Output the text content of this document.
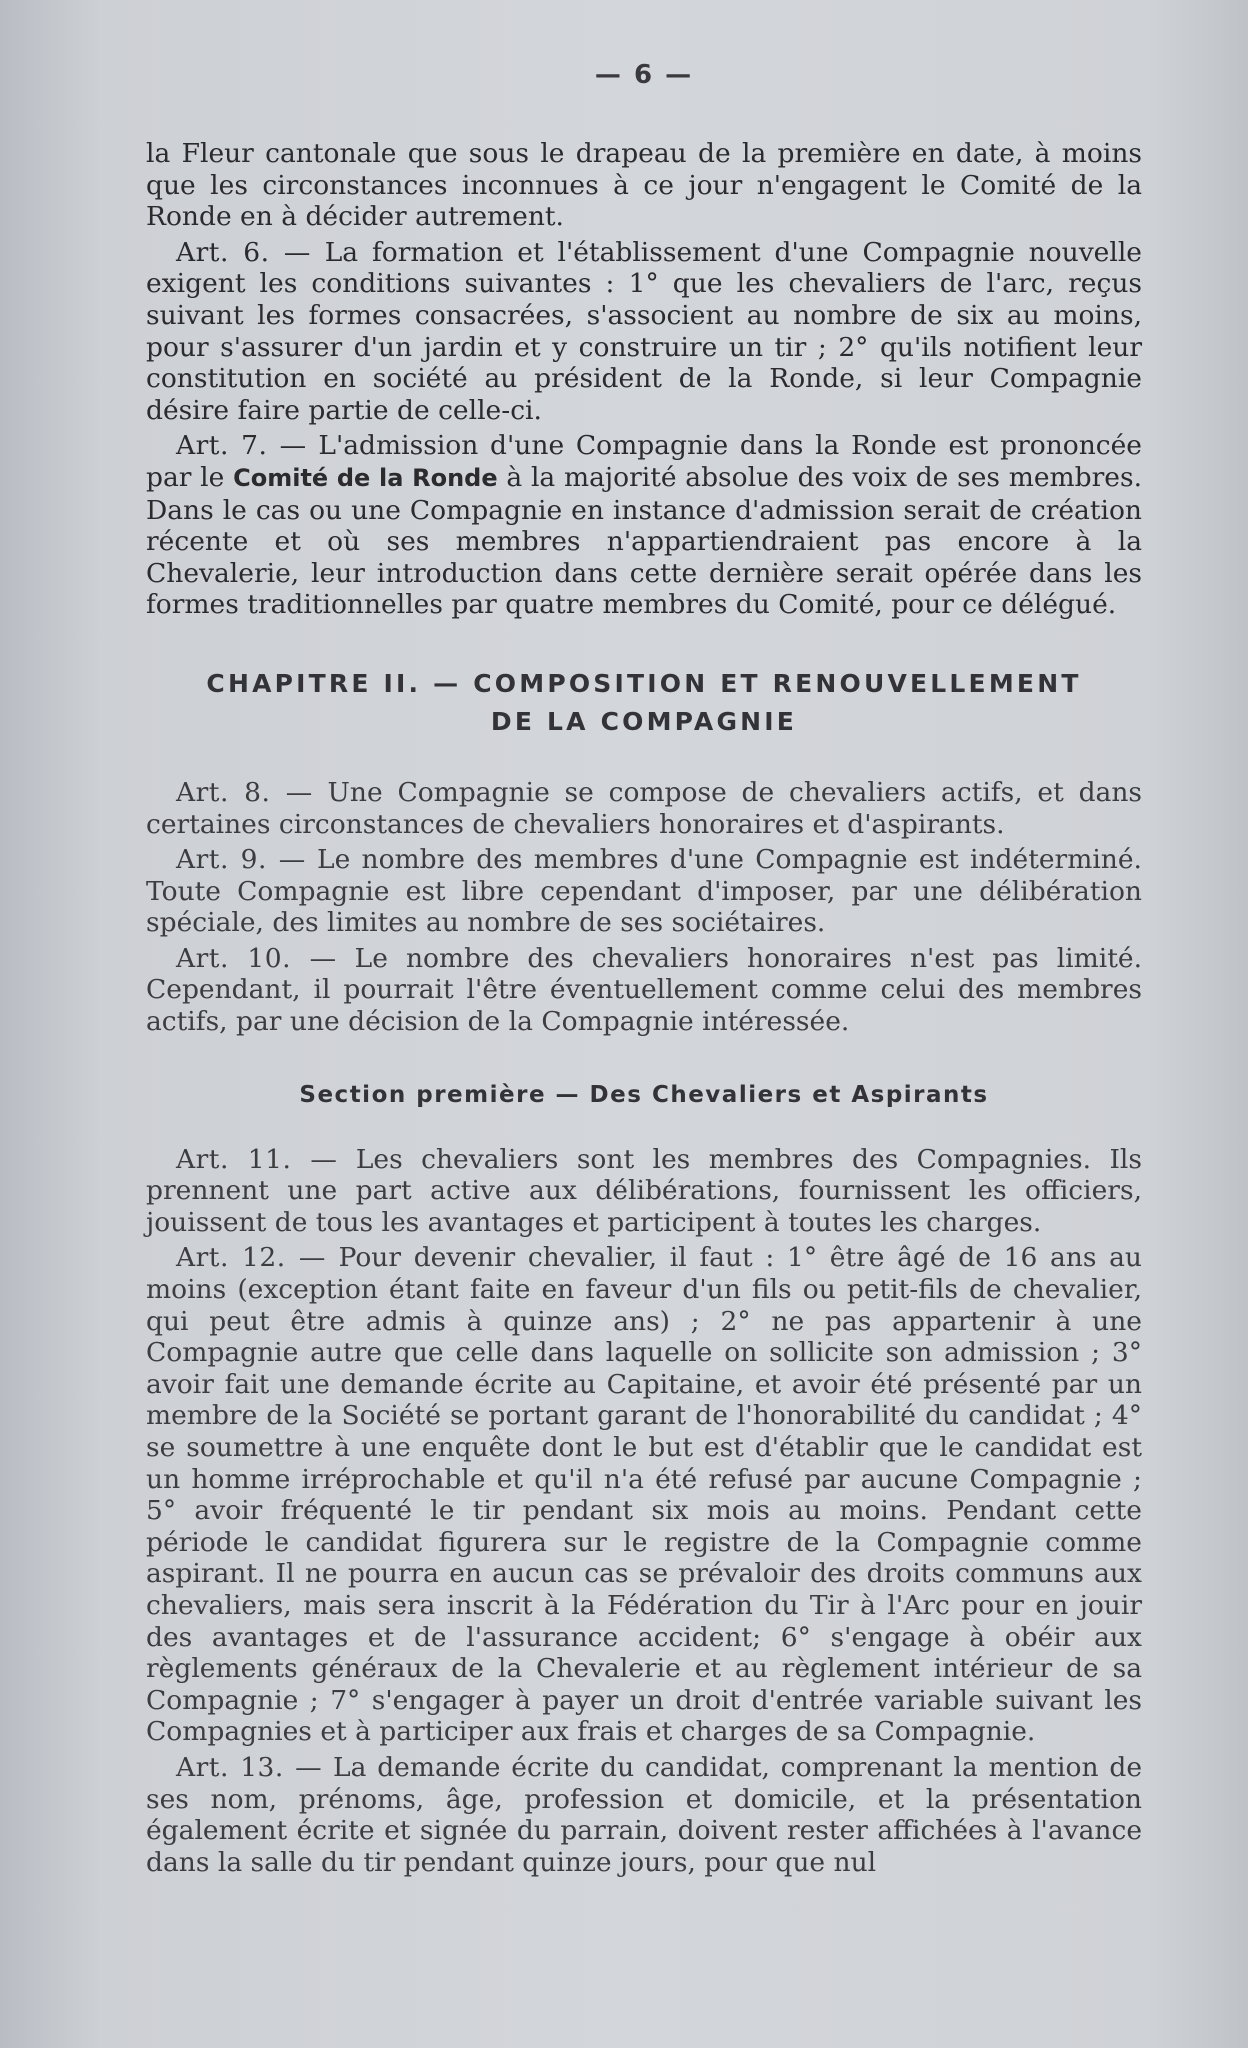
— 6 —

la Fleur cantonale que sous le drapeau de la première en date, à moins que les circonstances inconnues à ce jour n'engagent le Comité de la Ronde en à décider autrement.

Art. 6. — La formation et l'établissement d'une Compagnie nouvelle exigent les conditions suivantes : 1° que les chevaliers de l'arc, reçus suivant les formes consacrées, s'associent au nombre de six au moins, pour s'assurer d'un jardin et y construire un tir ; 2° qu'ils notifient leur constitution en société au président de la Ronde, si leur Compagnie désire faire partie de celle-ci.

Art. 7. — L'admission d'une Compagnie dans la Ronde est prononcée par le Comité de la Ronde à la majorité absolue des voix de ses membres. Dans le cas ou une Compagnie en instance d'admission serait de création récente et où ses membres n'appartiendraient pas encore à la Chevalerie, leur introduction dans cette dernière serait opérée dans les formes traditionnelles par quatre membres du Comité, pour ce délégué.

CHAPITRE II. — COMPOSITION ET RENOUVELLEMENT
DE LA COMPAGNIE

Art. 8. — Une Compagnie se compose de chevaliers actifs, et dans certaines circonstances de chevaliers honoraires et d'aspirants.

Art. 9. — Le nombre des membres d'une Compagnie est indéterminé. Toute Compagnie est libre cependant d'imposer, par une délibération spéciale, des limites au nombre de ses sociétaires.

Art. 10. — Le nombre des chevaliers honoraires n'est pas limité. Cependant, il pourrait l'être éventuellement comme celui des membres actifs, par une décision de la Compagnie intéressée.

Section première — Des Chevaliers et Aspirants

Art. 11. — Les chevaliers sont les membres des Compagnies. Ils prennent une part active aux délibérations, fournissent les officiers, jouissent de tous les avantages et participent à toutes les charges.

Art. 12. — Pour devenir chevalier, il faut : 1° être âgé de 16 ans au moins (exception étant faite en faveur d'un fils ou petit-fils de chevalier, qui peut être admis à quinze ans) ; 2° ne pas appartenir à une Compagnie autre que celle dans laquelle on sollicite son admission ; 3° avoir fait une demande écrite au Capitaine, et avoir été présenté par un membre de la Société se portant garant de l'honorabilité du candidat ; 4° se soumettre à une enquête dont le but est d'établir que le candidat est un homme irréprochable et qu'il n'a été refusé par aucune Compagnie ; 5° avoir fréquenté le tir pendant six mois au moins. Pendant cette période le candidat figurera sur le registre de la Compagnie comme aspirant. Il ne pourra en aucun cas se prévaloir des droits communs aux chevaliers, mais sera inscrit à la Fédération du Tir à l'Arc pour en jouir des avantages et de l'assurance accident; 6° s'engage à obéir aux règlements généraux de la Chevalerie et au règlement intérieur de sa Compagnie ; 7° s'engager à payer un droit d'entrée variable suivant les Compagnies et à participer aux frais et charges de sa Compagnie.

Art. 13. — La demande écrite du candidat, comprenant la mention de ses nom, prénoms, âge, profession et domicile, et la présentation également écrite et signée du parrain, doivent rester affichées à l'avance dans la salle du tir pendant quinze jours, pour que nul
